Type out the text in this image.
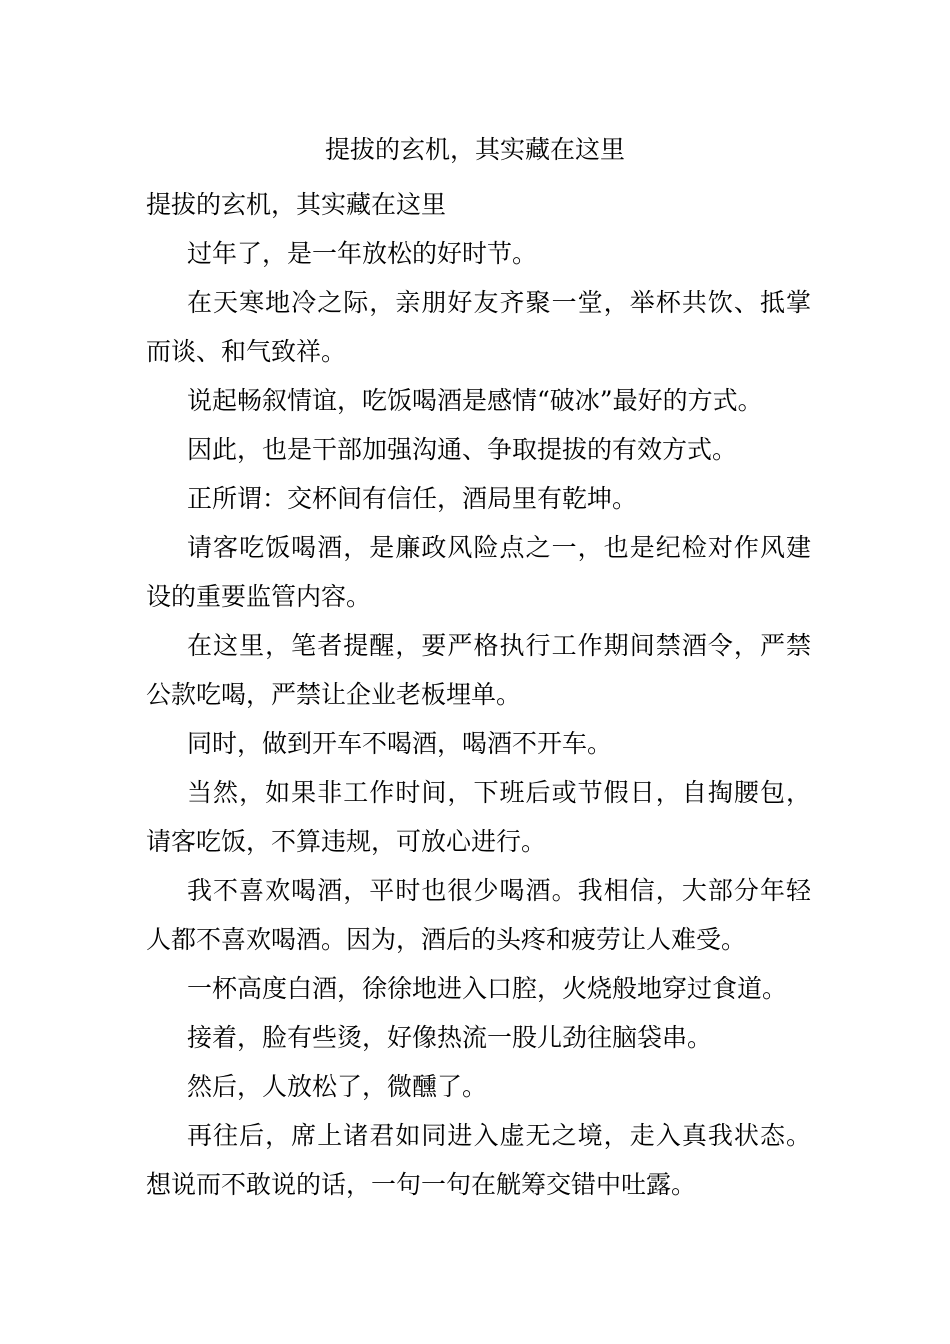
提拔的玄机，其实藏在这里

提拔的玄机，其实藏在这里

过年了，是一年放松的好时节。

在天寒地冷之际，亲朋好友齐聚一堂，举杯共饮、抵掌而谈、和气致祥。

说起畅叙情谊，吃饭喝酒是感情“破冰”最好的方式。

因此，也是干部加强沟通、争取提拔的有效方式。

正所谓：交杯间有信任，酒局里有乾坤。

请客吃饭喝酒，是廉政风险点之一，也是纪检对作风建设的重要监管内容。

在这里，笔者提醒，要严格执行工作期间禁酒令，严禁公款吃喝，严禁让企业老板埋单。

同时，做到开车不喝酒，喝酒不开车。

当然，如果非工作时间，下班后或节假日，自掏腰包，请客吃饭，不算违规，可放心进行。

我不喜欢喝酒，平时也很少喝酒。我相信，大部分年轻人都不喜欢喝酒。因为，酒后的头疼和疲劳让人难受。

一杯高度白酒，徐徐地进入口腔，火烧般地穿过食道。

接着，脸有些烫，好像热流一股儿劲往脑袋串。

然后，人放松了，微醺了。

再往后，席上诸君如同进入虚无之境，走入真我状态。想说而不敢说的话，一句一句在觥筹交错中吐露。
